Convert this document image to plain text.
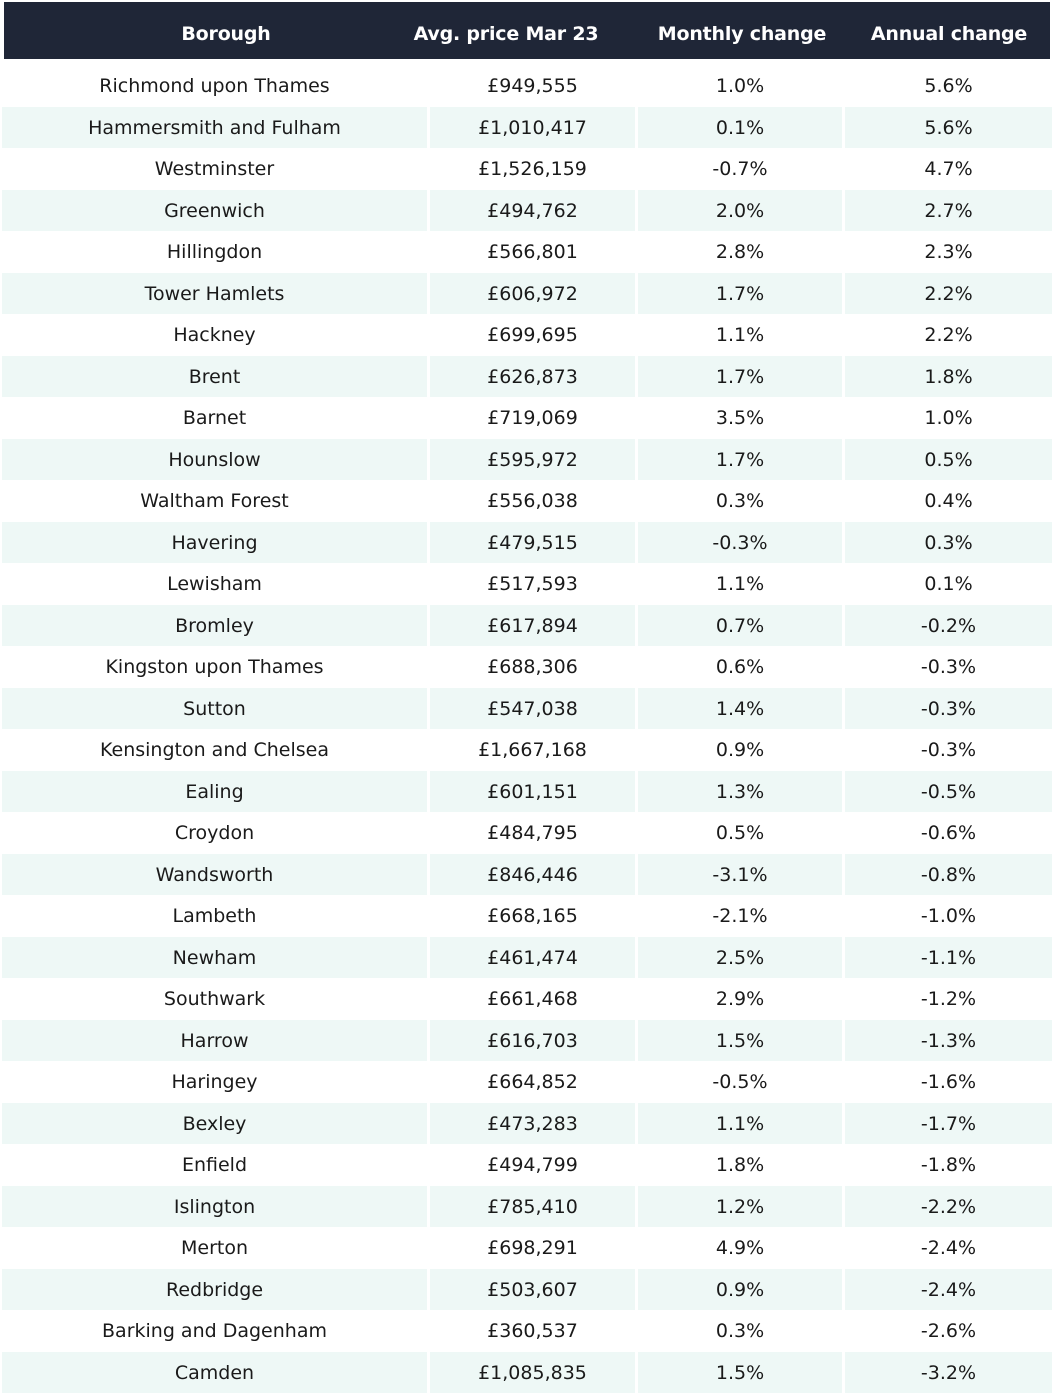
Borough	Avg. price Mar 23	Monthly change	Annual change
Richmond upon Thames	£949,555	1.0%	5.6%
Hammersmith and Fulham	£1,010,417	0.1%	5.6%
Westminster	£1,526,159	-0.7%	4.7%
Greenwich	£494,762	2.0%	2.7%
Hillingdon	£566,801	2.8%	2.3%
Tower Hamlets	£606,972	1.7%	2.2%
Hackney	£699,695	1.1%	2.2%
Brent	£626,873	1.7%	1.8%
Barnet	£719,069	3.5%	1.0%
Hounslow	£595,972	1.7%	0.5%
Waltham Forest	£556,038	0.3%	0.4%
Havering	£479,515	-0.3%	0.3%
Lewisham	£517,593	1.1%	0.1%
Bromley	£617,894	0.7%	-0.2%
Kingston upon Thames	£688,306	0.6%	-0.3%
Sutton	£547,038	1.4%	-0.3%
Kensington and Chelsea	£1,667,168	0.9%	-0.3%
Ealing	£601,151	1.3%	-0.5%
Croydon	£484,795	0.5%	-0.6%
Wandsworth	£846,446	-3.1%	-0.8%
Lambeth	£668,165	-2.1%	-1.0%
Newham	£461,474	2.5%	-1.1%
Southwark	£661,468	2.9%	-1.2%
Harrow	£616,703	1.5%	-1.3%
Haringey	£664,852	-0.5%	-1.6%
Bexley	£473,283	1.1%	-1.7%
Enfield	£494,799	1.8%	-1.8%
Islington	£785,410	1.2%	-2.2%
Merton	£698,291	4.9%	-2.4%
Redbridge	£503,607	0.9%	-2.4%
Barking and Dagenham	£360,537	0.3%	-2.6%
Camden	£1,085,835	1.5%	-3.2%
